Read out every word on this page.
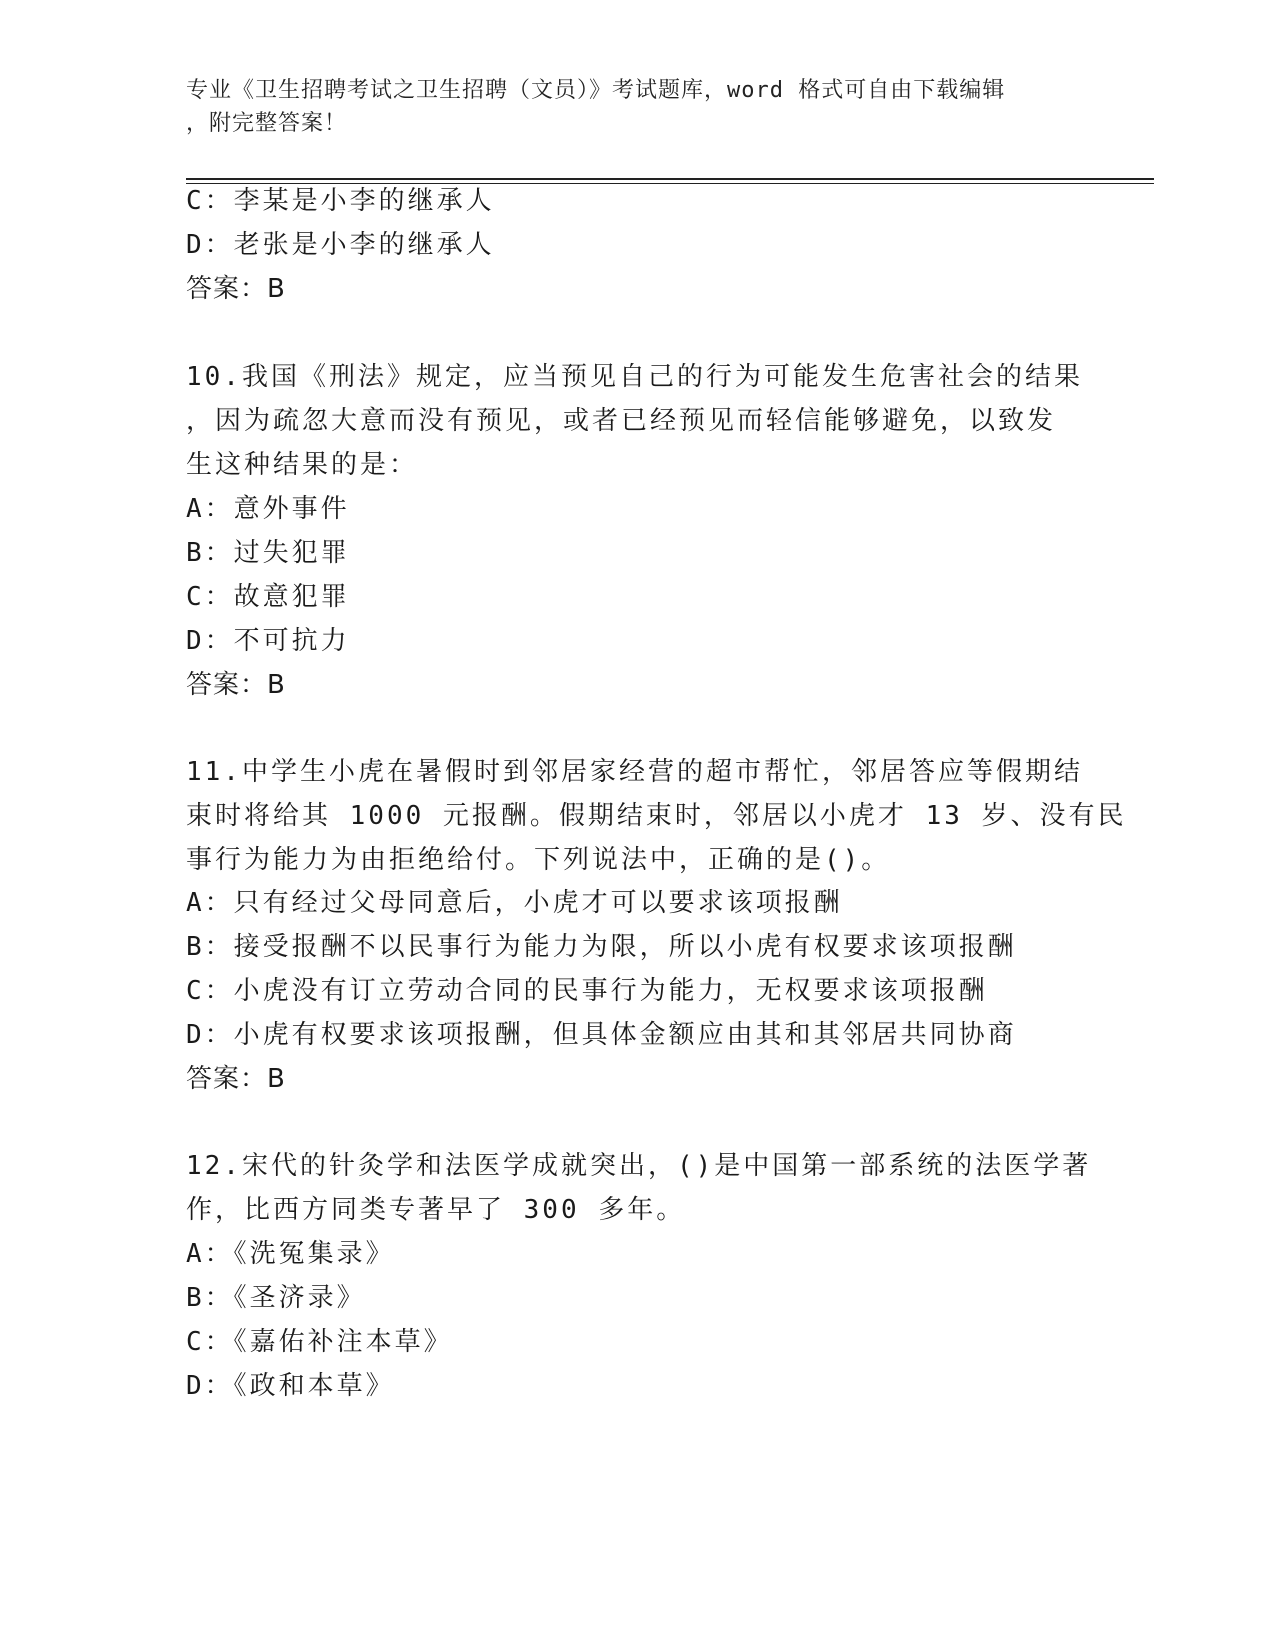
专业《卫生招聘考试之卫生招聘（文员）》考试题库，word 格式可自由下载编辑
，附完整答案！
C：李某是小李的继承人
D：老张是小李的继承人
答案：B
10.我国《刑法》规定，应当预见自己的行为可能发生危害社会的结果
，因为疏忽大意而没有预见，或者已经预见而轻信能够避免，以致发
生这种结果的是：
A：意外事件
B：过失犯罪
C：故意犯罪
D：不可抗力
答案：B
11.中学生小虎在暑假时到邻居家经营的超市帮忙，邻居答应等假期结
束时将给其 1000 元报酬。假期结束时，邻居以小虎才 13 岁、没有民
事行为能力为由拒绝给付。下列说法中，正确的是()。
A：只有经过父母同意后，小虎才可以要求该项报酬
B：接受报酬不以民事行为能力为限，所以小虎有权要求该项报酬
C：小虎没有订立劳动合同的民事行为能力，无权要求该项报酬
D：小虎有权要求该项报酬，但具体金额应由其和其邻居共同协商
答案：B
12.宋代的针灸学和法医学成就突出，()是中国第一部系统的法医学著
作，比西方同类专著早了 300 多年。
A：《洗冤集录》
B：《圣济录》
C：《嘉佑补注本草》
D：《政和本草》
